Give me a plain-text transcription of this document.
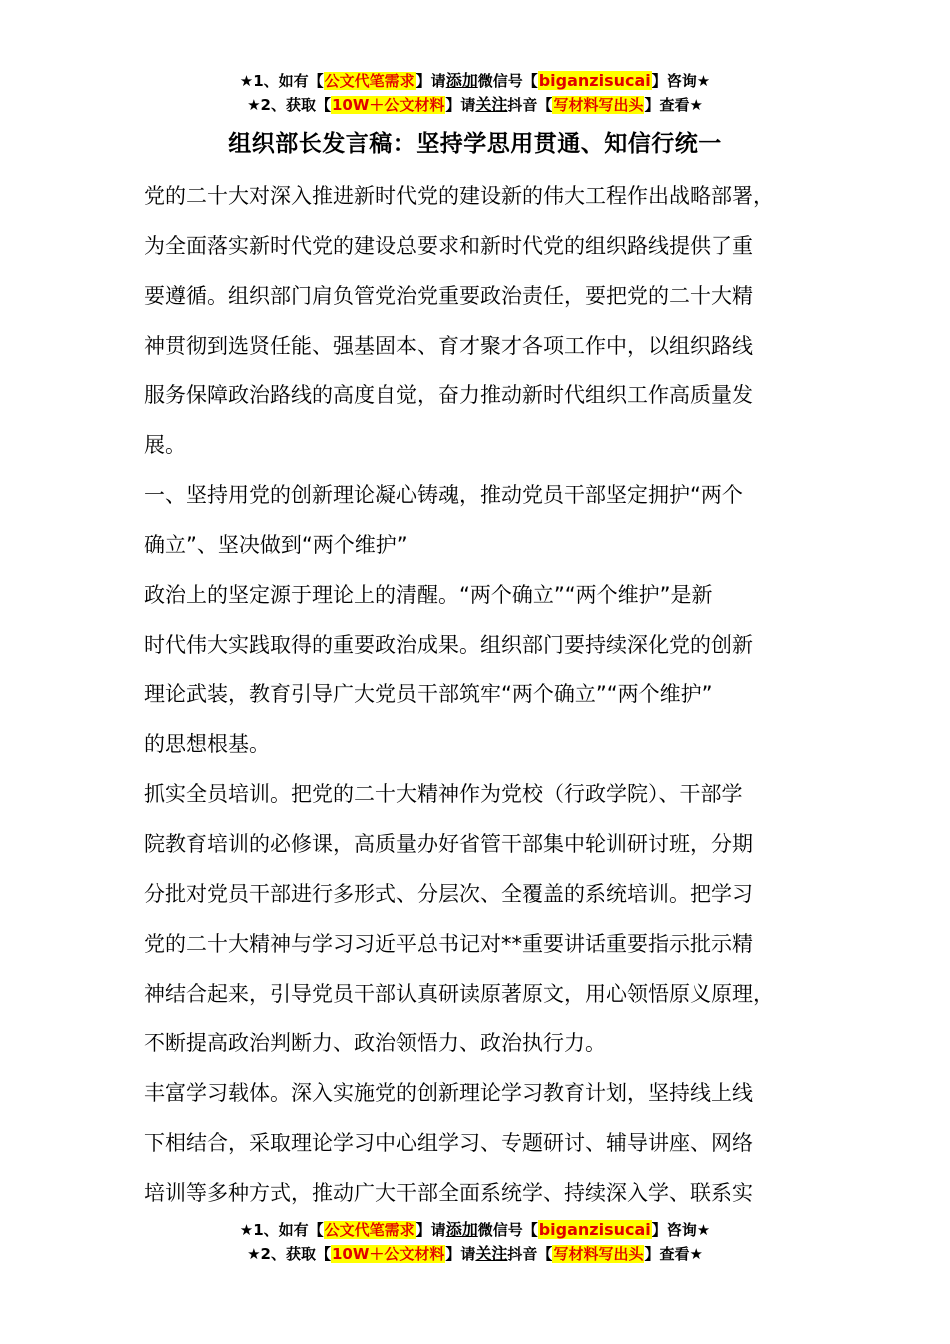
★1、如有【公文代笔需求】请添加微信号【biganzisucai】咨询★
★2、获取【10W＋公文材料】请关注抖音【写材料写出头】查看★
组织部长发言稿：坚持学思用贯通、知信行统一

党的二十大对深入推进新时代党的建设新的伟大工程作出战略部署，

为全面落实新时代党的建设总要求和新时代党的组织路线提供了重

要遵循。组织部门肩负管党治党重要政治责任，要把党的二十大精

神贯彻到选贤任能、强基固本、育才聚才各项工作中，以组织路线

服务保障政治路线的高度自觉，奋力推动新时代组织工作高质量发

展。

一、坚持用党的创新理论凝心铸魂，推动党员干部坚定拥护“两个

确立”、坚决做到“两个维护”

政治上的坚定源于理论上的清醒。“两个确立”“两个维护”是新

时代伟大实践取得的重要政治成果。组织部门要持续深化党的创新

理论武装，教育引导广大党员干部筑牢“两个确立”“两个维护”

的思想根基。

抓实全员培训。把党的二十大精神作为党校（行政学院）、干部学

院教育培训的必修课，高质量办好省管干部集中轮训研讨班，分期

分批对党员干部进行多形式、分层次、全覆盖的系统培训。把学习

党的二十大精神与学习习近平总书记对**重要讲话重要指示批示精

神结合起来，引导党员干部认真研读原著原文，用心领悟原义原理，

不断提高政治判断力、政治领悟力、政治执行力。

丰富学习载体。深入实施党的创新理论学习教育计划，坚持线上线

下相结合，采取理论学习中心组学习、专题研讨、辅导讲座、网络

培训等多种方式，推动广大干部全面系统学、持续深入学、联系实

★1、如有【公文代笔需求】请添加微信号【biganzisucai】咨询★
★2、获取【10W＋公文材料】请关注抖音【写材料写出头】查看★
